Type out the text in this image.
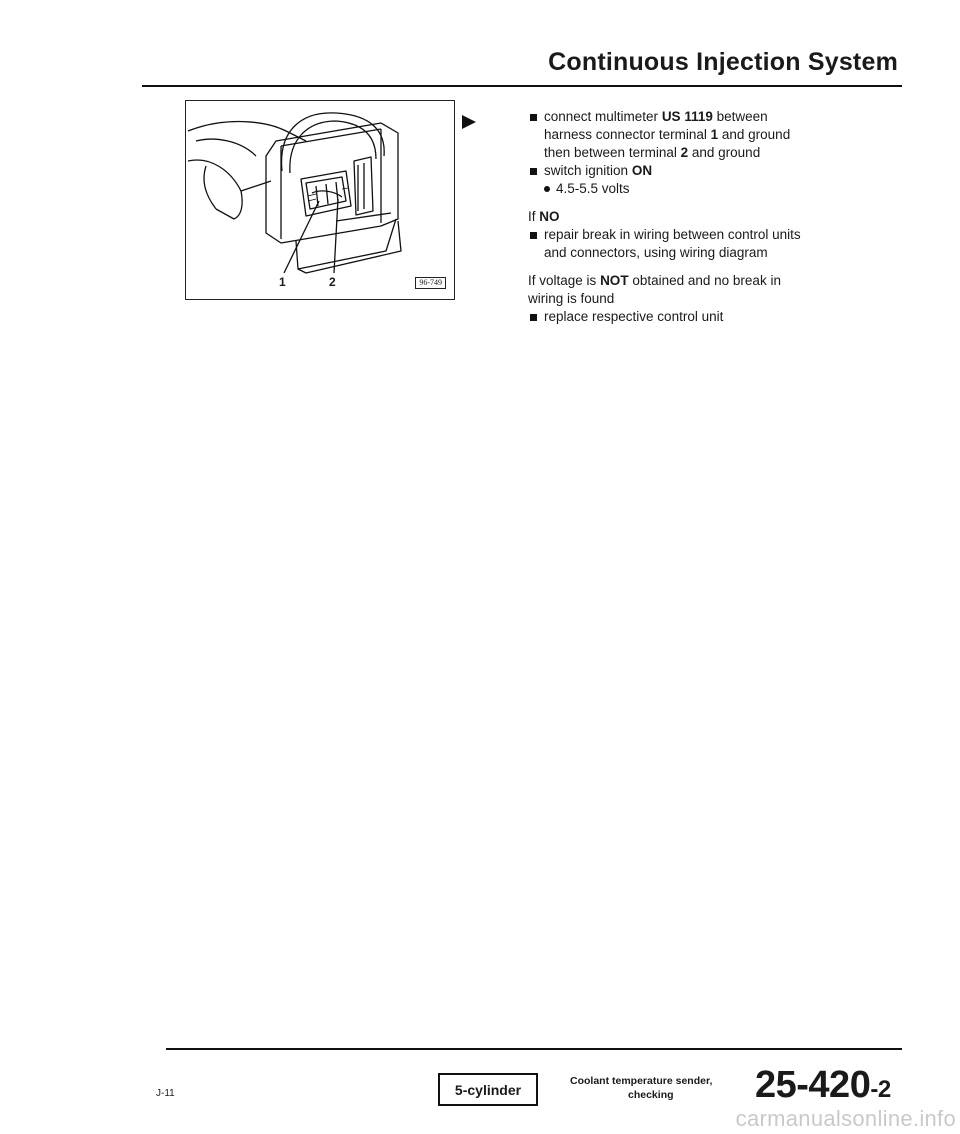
Continuous Injection System
1	2	96-749

connect multimeter US 1119 between
harness connector terminal 1 and ground
then between terminal 2 and ground

switch ignition ON

4.5-5.5 volts

If NO

repair break in wiring between control units
and connectors, using wiring diagram

If voltage is NOT obtained and no break in
wiring is found

replace respective control unit

J-11	5-cylinder
Coolant temperature sender,
checking	25-420-2
carmanualsonline.info
